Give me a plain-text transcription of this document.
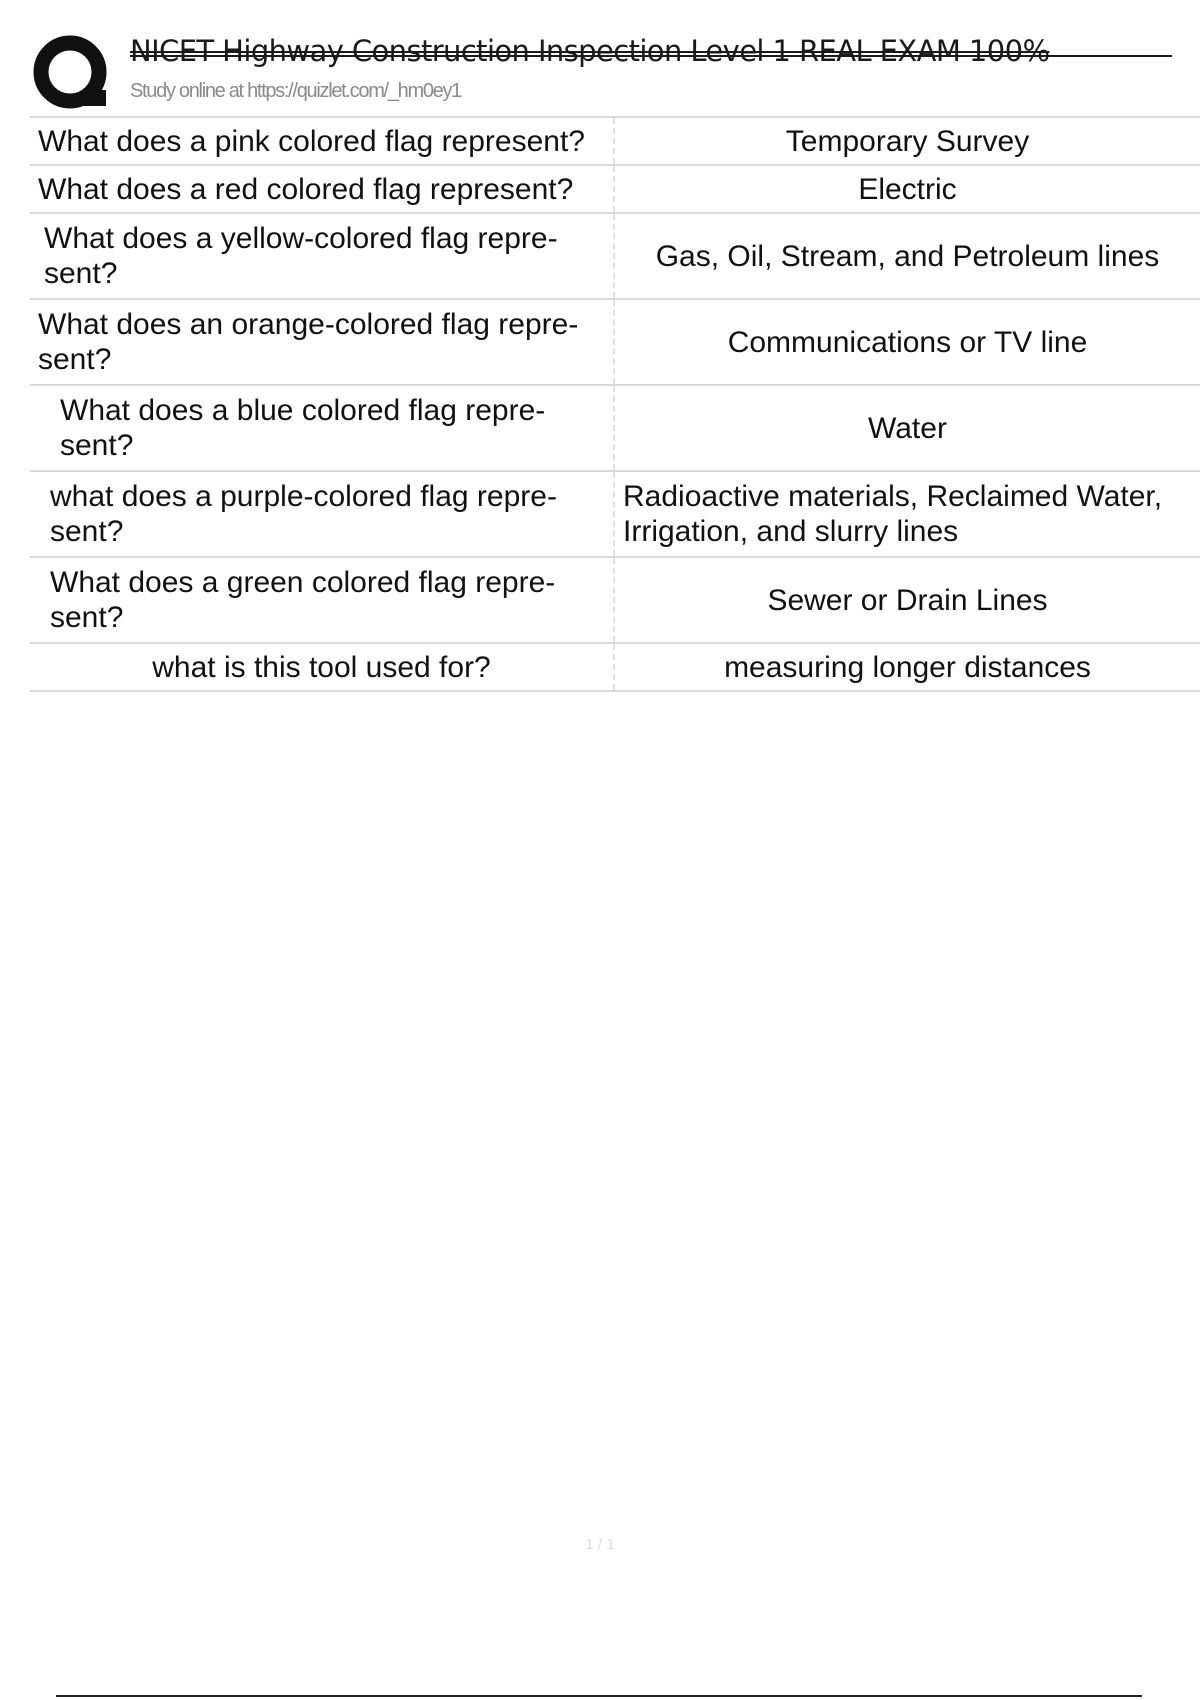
NICET Highway Construction Inspection Level 1 REAL EXAM 100%
Study online at https://quizlet.com/_hm0ey1
What does a pink colored flag represent?	Temporary Survey
What does a red colored flag represent?	Electric
What does a yellow-colored flag repre- sent?	Gas, Oil, Stream, and Petroleum lines
What does an orange-colored flag repre- sent?	Communications or TV line
What does a blue colored flag repre- sent?	Water
what does a purple-colored flag repre- sent?	Radioactive materials, Reclaimed Water, Irrigation, and slurry lines
What does a green colored flag repre- sent?	Sewer or Drain Lines
what is this tool used for?	measuring longer distances
1 / 1
